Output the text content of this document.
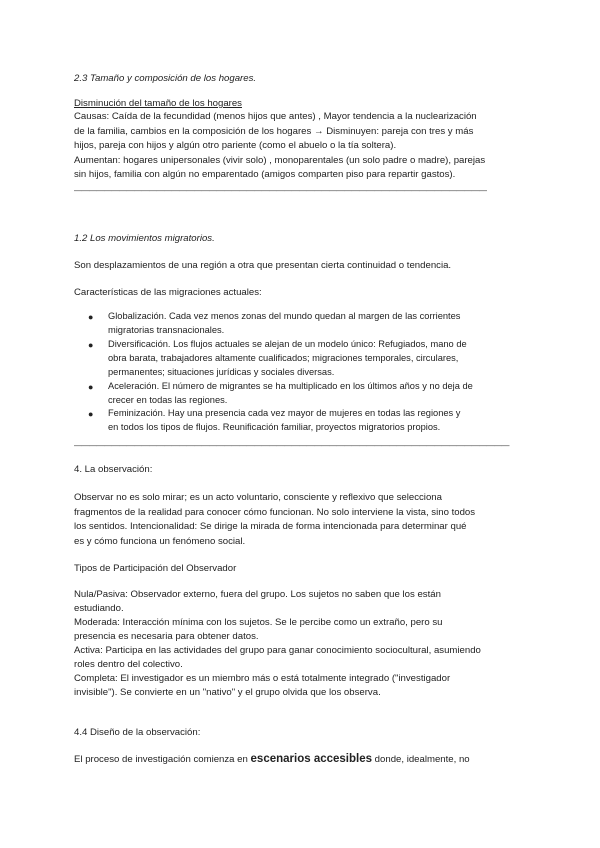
2.3 Tamaño y composición de los hogares.
Disminución del tamaño de los hogares
Causas: Caída de la fecundidad (menos hijos que antes) , Mayor tendencia a la nuclearización
de la familia, cambios en la composición de los hogares → Disminuyen: pareja con tres y más
hijos, pareja con hijos y algún otro pariente (como el abuelo o la tía soltera).
Aumentan: hogares unipersonales (vivir solo) , monoparentales (un solo padre o madre), parejas
sin hijos, familia con algún no emparentado (amigos comparten piso para repartir gastos).
———————————————————————————————————————————————————————
1.2 Los movimientos migratorios.
Son desplazamientos de una región a otra que presentan cierta continuidad o tendencia.
Características de las migraciones actuales:
● Globalización. Cada vez menos zonas del mundo quedan al margen de las corrientes
migratorias transnacionales.
● Diversificación. Los flujos actuales se alejan de un modelo único: Refugiados, mano de
obra barata, trabajadores altamente cualificados; migraciones temporales, circulares,
permanentes; situaciones jurídicas y sociales diversas.
● Aceleración. El número de migrantes se ha multiplicado en los últimos años y no deja de
crecer en todas las regiones.
● Feminización. Hay una presencia cada vez mayor de mujeres en todas las regiones y
en todos los tipos de flujos. Reunificación familiar, proyectos migratorios propios.
——————————————————————————————————————————————————————————
4. La observación:
Observar no es solo mirar; es un acto voluntario, consciente y reflexivo que selecciona
fragmentos de la realidad para conocer cómo funcionan. No solo interviene la vista, sino todos
los sentidos. Intencionalidad: Se dirige la mirada de forma intencionada para determinar qué
es y cómo funciona un fenómeno social.
Tipos de Participación del Observador
Nula/Pasiva: Observador externo, fuera del grupo. Los sujetos no saben que los están
estudiando.
Moderada: Interacción mínima con los sujetos. Se le percibe como un extraño, pero su
presencia es necesaria para obtener datos.
Activa: Participa en las actividades del grupo para ganar conocimiento sociocultural, asumiendo
roles dentro del colectivo.
Completa: El investigador es un miembro más o está totalmente integrado ("investigador
invisible"). Se convierte en un "nativo" y el grupo olvida que los observa.
4.4 Diseño de la observación:
El proceso de investigación comienza en escenarios accesibles donde, idealmente, no
